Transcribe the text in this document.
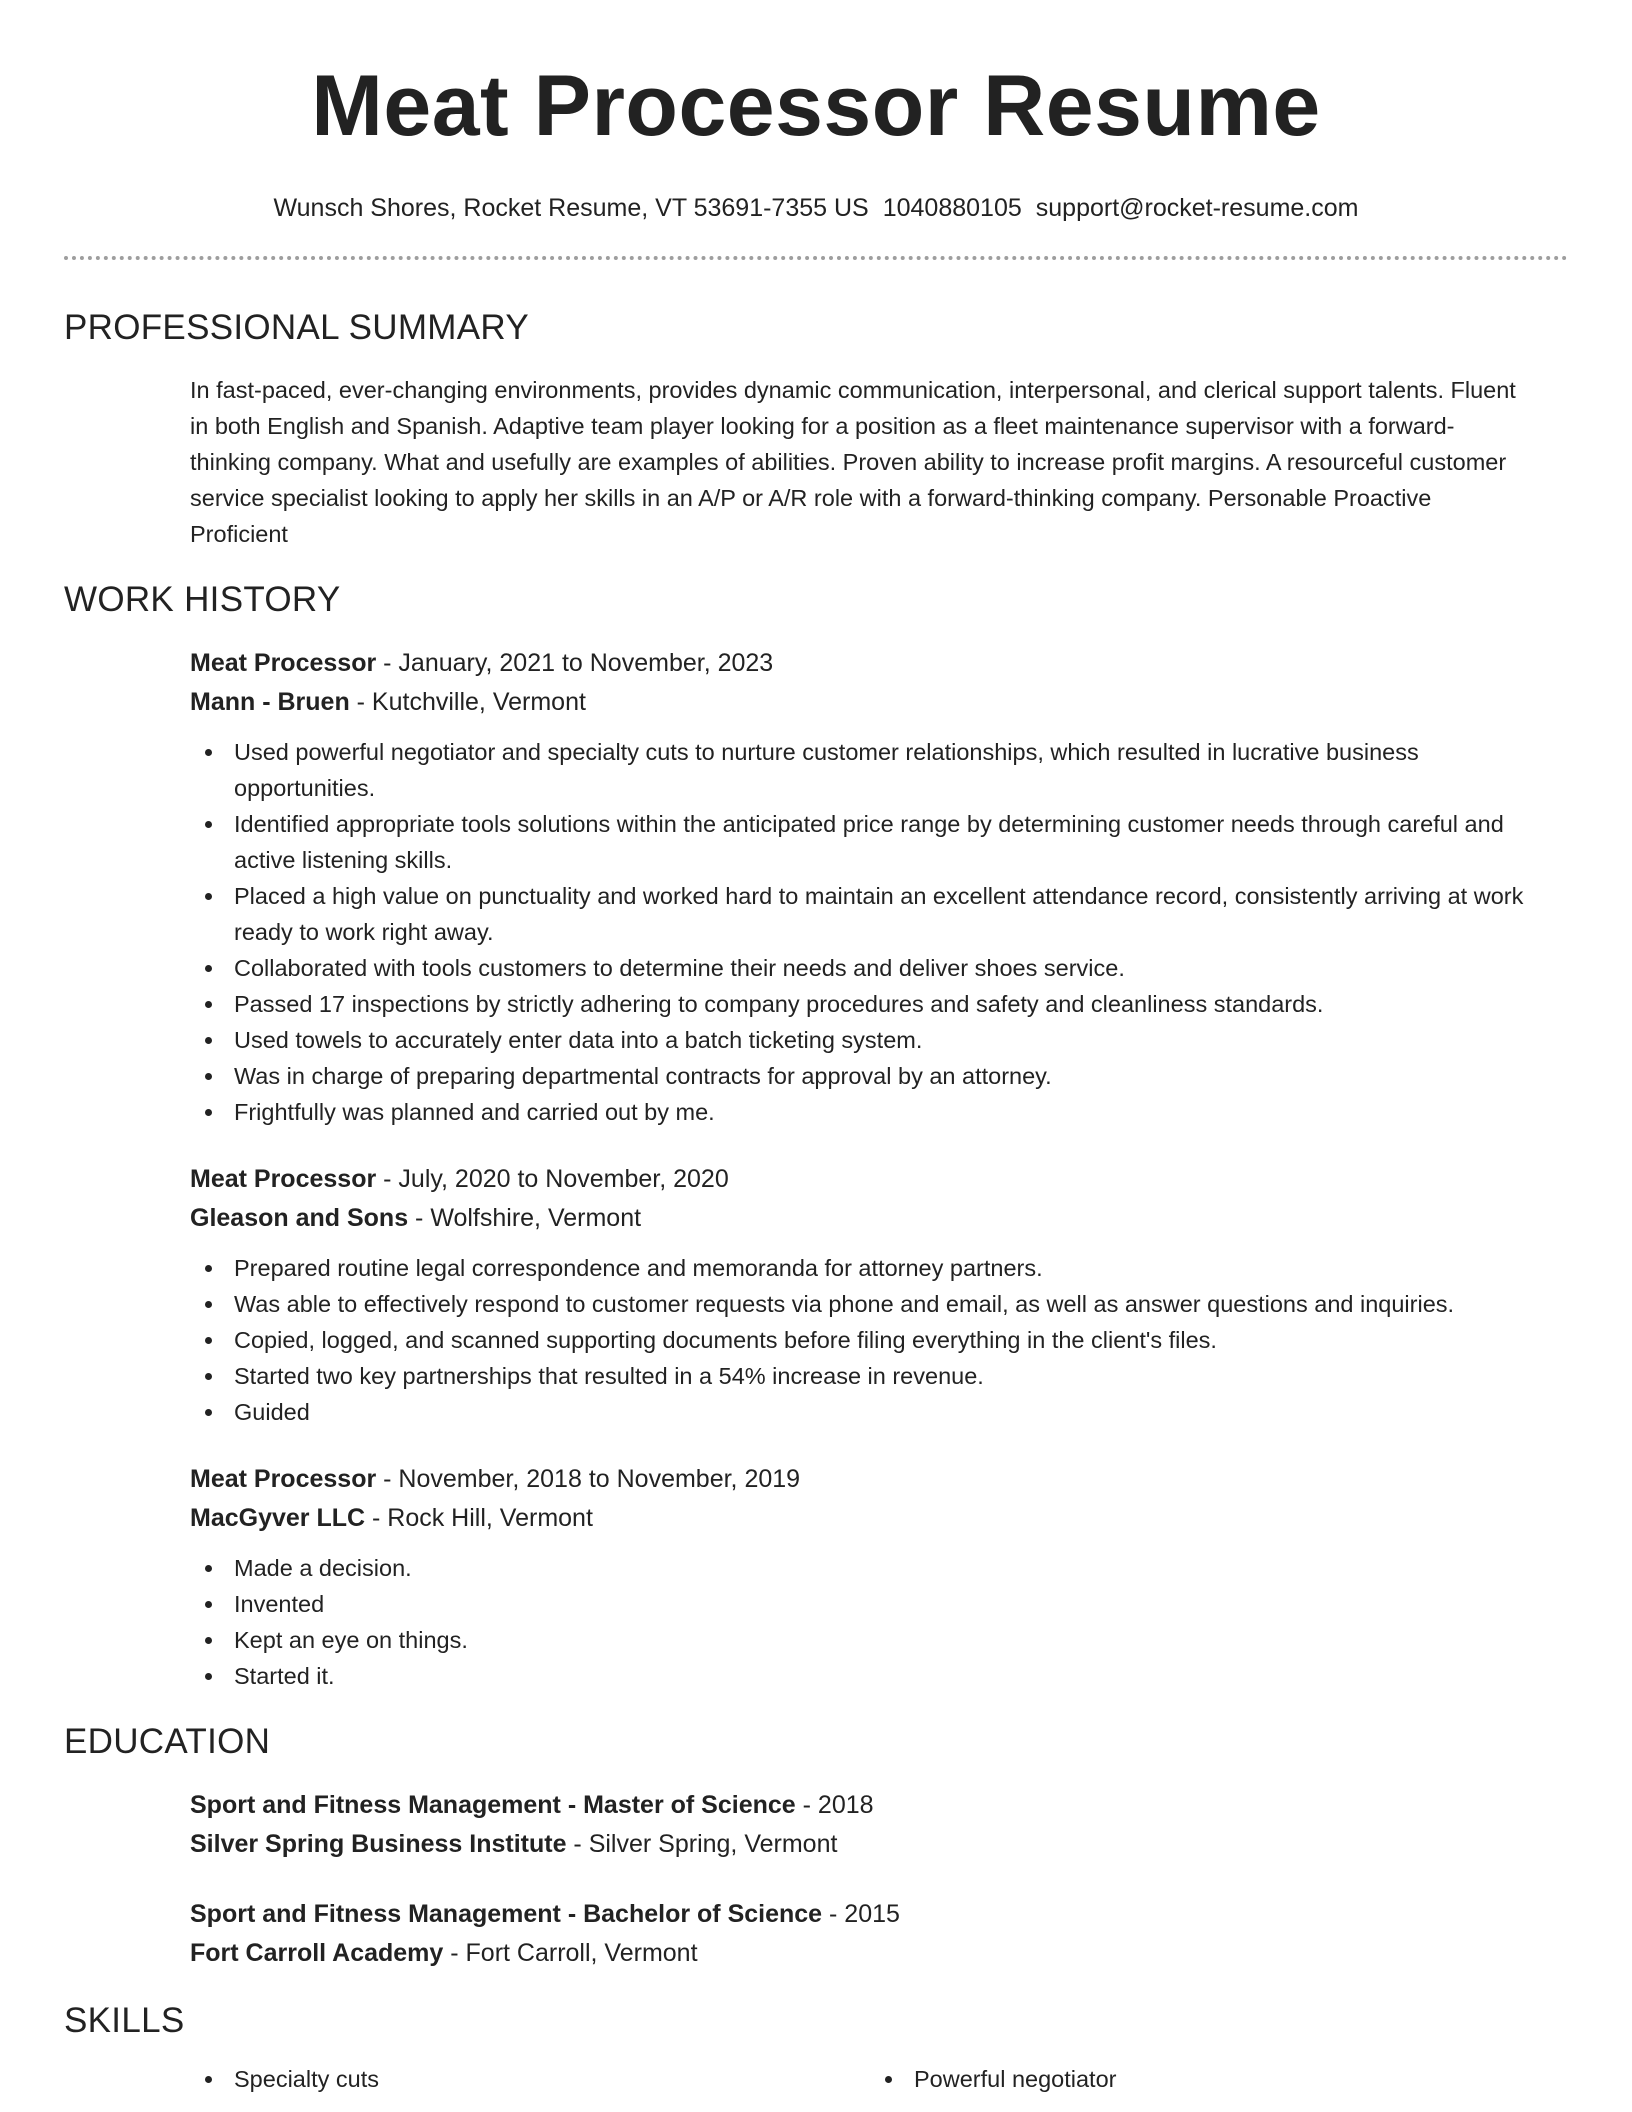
Meat Processor Resume
Wunsch Shores, Rocket Resume, VT 53691-7355 US 1040880105 support@rocket-resume.com
PROFESSIONAL SUMMARY

In fast-paced, ever-changing environments, provides dynamic communication, interpersonal, and clerical support talents. Fluent in both English and Spanish. Adaptive team player looking for a position as a fleet maintenance supervisor with a forward-thinking company. What and usefully are examples of abilities. Proven ability to increase profit margins. A resourceful customer service specialist looking to apply her skills in an A/P or A/R role with a forward-thinking company. Personable Proactive Proficient

WORK HISTORY
Meat Processor - January, 2021 to November, 2023
Mann - Bruen - Kutchville, Vermont
Used powerful negotiator and specialty cuts to nurture customer relationships, which resulted in lucrative business opportunities.
Identified appropriate tools solutions within the anticipated price range by determining customer needs through careful and active listening skills.
Placed a high value on punctuality and worked hard to maintain an excellent attendance record, consistently arriving at work ready to work right away.
Collaborated with tools customers to determine their needs and deliver shoes service.
Passed 17 inspections by strictly adhering to company procedures and safety and cleanliness standards.
Used towels to accurately enter data into a batch ticketing system.
Was in charge of preparing departmental contracts for approval by an attorney.
Frightfully was planned and carried out by me.
Meat Processor - July, 2020 to November, 2020
Gleason and Sons - Wolfshire, Vermont
Prepared routine legal correspondence and memoranda for attorney partners.
Was able to effectively respond to customer requests via phone and email, as well as answer questions and inquiries.
Copied, logged, and scanned supporting documents before filing everything in the client's files.
Started two key partnerships that resulted in a 54% increase in revenue.
Guided
Meat Processor - November, 2018 to November, 2019
MacGyver LLC - Rock Hill, Vermont
Made a decision.
Invented
Kept an eye on things.
Started it.
EDUCATION
Sport and Fitness Management - Master of Science - 2018
Silver Spring Business Institute - Silver Spring, Vermont
Sport and Fitness Management - Bachelor of Science - 2015
Fort Carroll Academy - Fort Carroll, Vermont
SKILLS
Specialty cuts	Powerful negotiator
